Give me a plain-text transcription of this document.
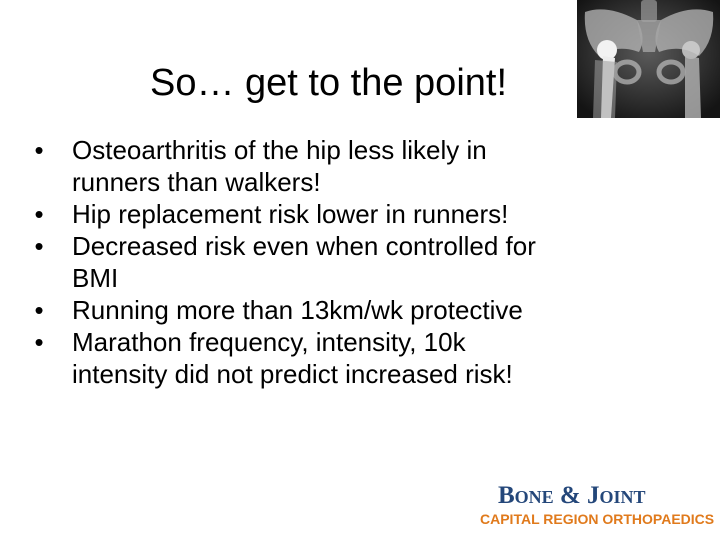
So… get to the point!
• Osteoarthritis of the hip less likely in
runners than walkers!
• Hip replacement risk lower in runners!
• Decreased risk even when controlled for
BMI
• Running more than 13km/wk protective
• Marathon frequency, intensity, 10k
intensity did not predict increased risk!
Bone & Joint
CAPITAL REGION ORTHOPAEDICS
